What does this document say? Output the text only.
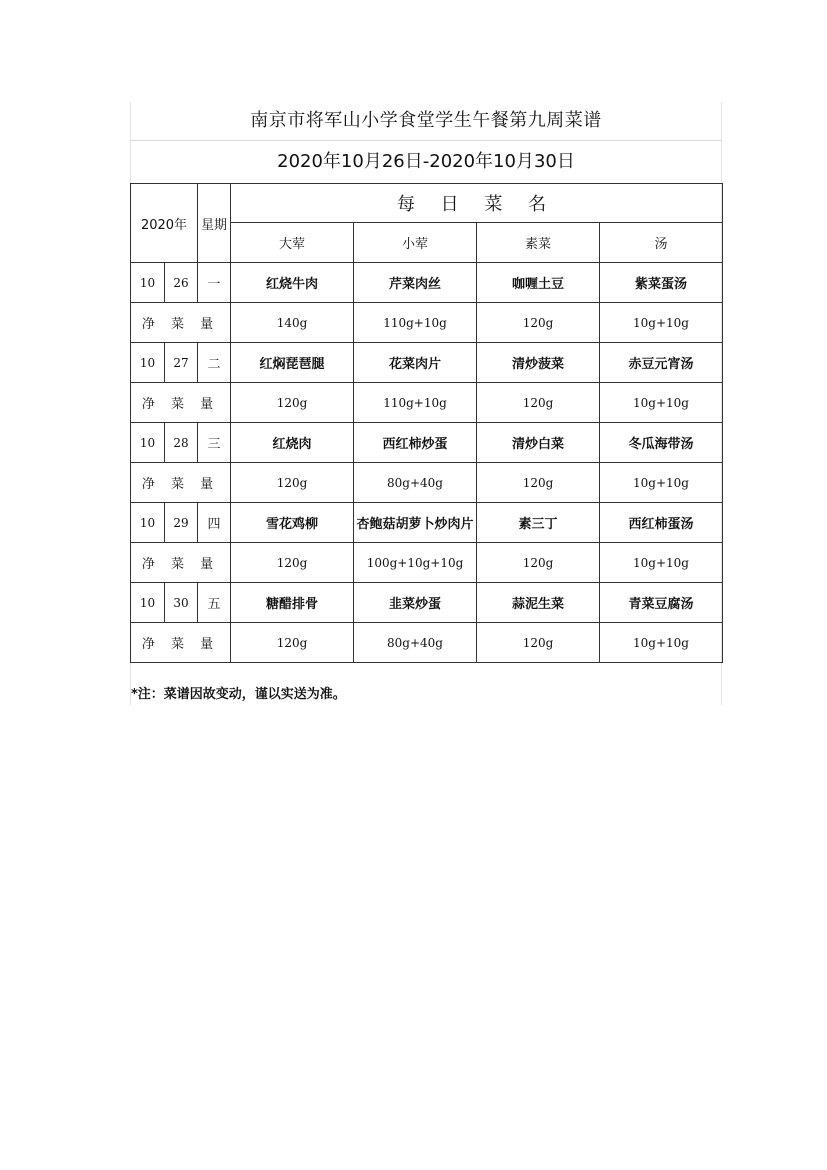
南京市将军山小学食堂学生午餐第九周菜谱
2020年10月26日-2020年10月30日
2020年		星期	每 日 菜 名			
			大荤	小荤	素菜	汤
10	26	一	红烧牛肉	芹菜肉丝	咖喱土豆	紫菜蛋汤
净 菜 量			140g	110g+10g	120g	10g+10g
10	27	二	红焖琵琶腿	花菜肉片	清炒菠菜	赤豆元宵汤
净 菜 量			120g	110g+10g	120g	10g+10g
10	28	三	红烧肉	西红柿炒蛋	清炒白菜	冬瓜海带汤
净 菜 量			120g	80g+40g	120g	10g+10g
10	29	四	雪花鸡柳	杏鲍菇胡萝卜炒肉片	素三丁	西红柿蛋汤
净 菜 量			120g	100g+10g+10g	120g	10g+10g
10	30	五	糖醋排骨	韭菜炒蛋	蒜泥生菜	青菜豆腐汤
净 菜 量			120g	80g+40g	120g	10g+10g
*注：菜谱因故变动，谨以实送为准。
